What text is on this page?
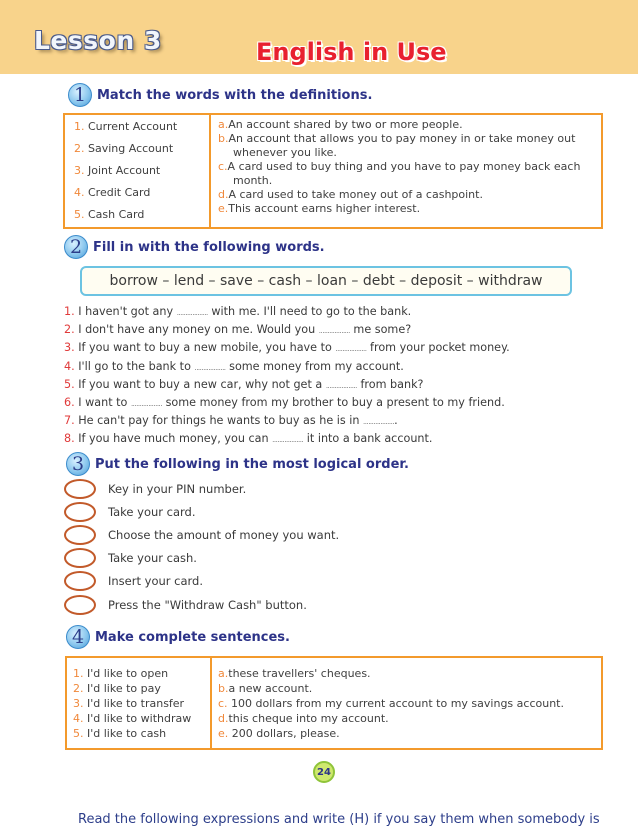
Lesson 3	English in Use
1 Match the words with the definitions.
1. Current Account
2. Saving Account
3. Joint Account
4. Credit Card
5. Cash Card
a.An account shared by two or more people.
b.An account that allows you to pay money in or take money out
whenever you like.
c.A card used to buy thing and you have to pay money back each
month.
d.A card used to take money out of a cashpoint.
e.This account earns higher interest.
2 Fill in with the following words.
borrow – lend – save – cash – loan – debt – deposit – withdraw
1. I haven't got any .................. with me. I'll need to go to the bank.
2. I don't have any money on me. Would you .................. me some?
3. If you want to buy a new mobile, you have to .................. from your pocket money.
4. I'll go to the bank to .................. some money from my account.
5. If you want to buy a new car, why not get a .................. from bank?
6. I want to .................. some money from my brother to buy a present to my friend.
7. He can't pay for things he wants to buy as he is in ...................
8. If you have much money, you can .................. it into a bank account.
3 Put the following in the most logical order.
Key in your PIN number.
Take your card.
Choose the amount of money you want.
Take your cash.
Insert your card.
Press the "Withdraw Cash" button.
4 Make complete sentences.
1. I'd like to open
2. I'd like to pay
3. I'd like to transfer
4. I'd like to withdraw
5. I'd like to cash
a.these travellers' cheques.
b.a new account.
c. 100 dollars from my current account to my savings account.
d.this cheque into my account.
e. 200 dollars, please.
24
Read the following expressions and write (H) if you say them when somebody is
